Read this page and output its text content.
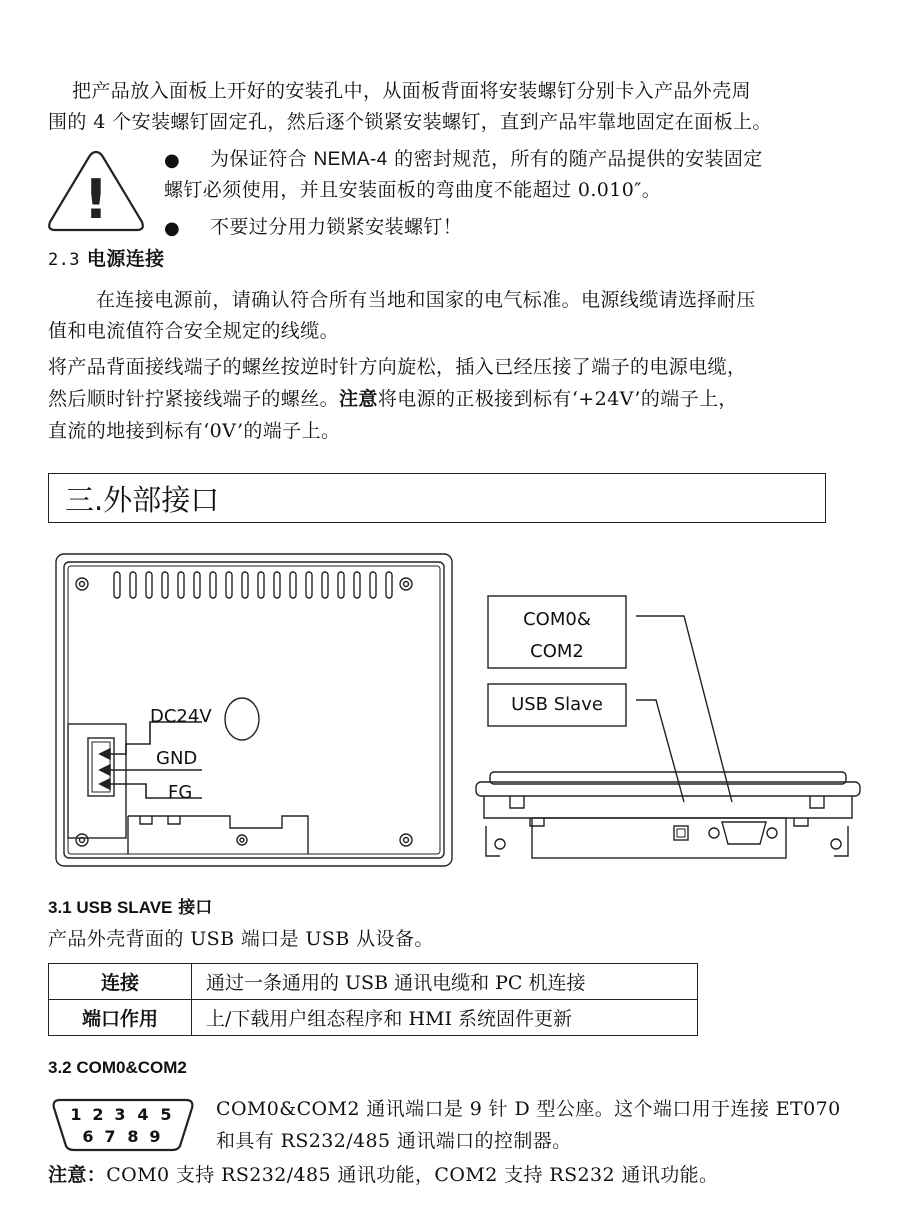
把产品放入面板上开好的安装孔中，从面板背面将安装螺钉分别卡入产品外壳周
围的 4 个安装螺钉固定孔，然后逐个锁紧安装螺钉，直到产品牢靠地固定在面板上。
!
● 为保证符合 NEMA-4 的密封规范，所有的随产品提供的安装固定
螺钉必须使用，并且安装面板的弯曲度不能超过 0.010″。
● 不要过分用力锁紧安装螺钉！
2.3 电源连接
在连接电源前，请确认符合所有当地和国家的电气标准。电源线缆请选择耐压
值和电流值符合安全规定的线缆。
将产品背面接线端子的螺丝按逆时针方向旋松，插入已经压接了端子的电源电缆，
然后顺时针拧紧接线端子的螺丝。注意将电源的正极接到标有‘+24V’的端子上，
直流的地接到标有‘0V’的端子上。
三.外部接口
DC24V
GND
FG
COM0&
COM2
USB Slave
3.1 USB SLAVE 接口
产品外壳背面的 USB 端口是 USB 从设备。
连接	通过一条通用的 USB 通讯电缆和 PC 机连接
端口作用	上/下载用户组态程序和 HMI 系统固件更新
3.2 COM0&COM2
1 2 3 4 5
6 7 8 9
COM0&COM2 通讯端口是 9 针 D 型公座。这个端口用于连接 ET070
和具有 RS232/485 通讯端口的控制器。
注意：COM0 支持 RS232/485 通讯功能，COM2 支持 RS232 通讯功能。
